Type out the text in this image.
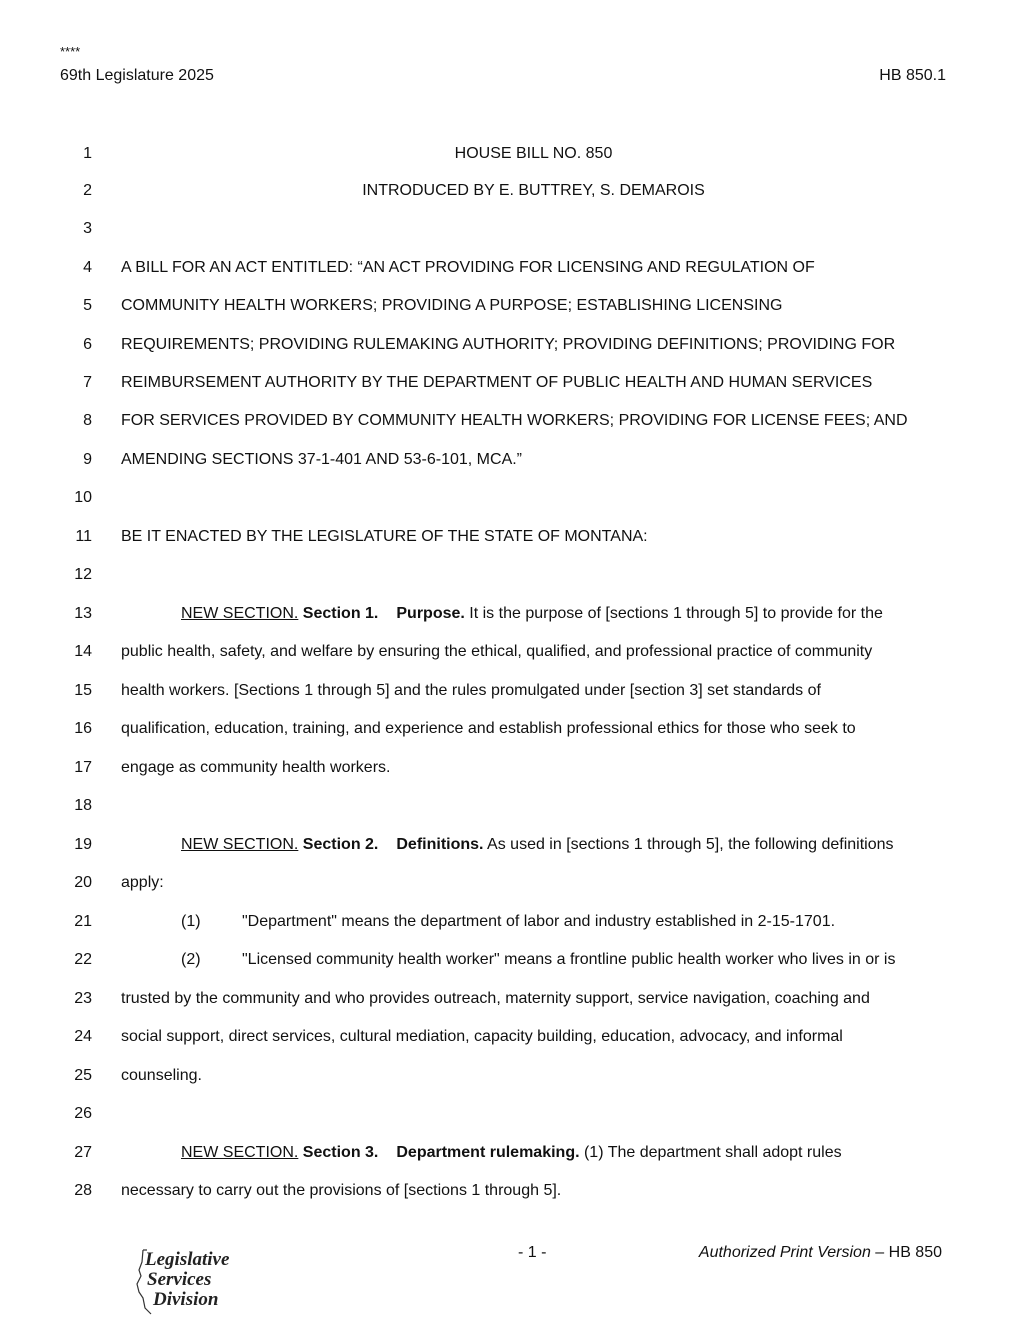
****
69th Legislature 2025	HB 850.1
1	HOUSE BILL NO. 850
2	INTRODUCED BY E. BUTTREY, S. DEMAROIS
3
4 A BILL FOR AN ACT ENTITLED: “AN ACT PROVIDING FOR LICENSING AND REGULATION OF
5 COMMUNITY HEALTH WORKERS; PROVIDING A PURPOSE; ESTABLISHING LICENSING
6 REQUIREMENTS; PROVIDING RULEMAKING AUTHORITY; PROVIDING DEFINITIONS; PROVIDING FOR
7 REIMBURSEMENT AUTHORITY BY THE DEPARTMENT OF PUBLIC HEALTH AND HUMAN SERVICES
8 FOR SERVICES PROVIDED BY COMMUNITY HEALTH WORKERS; PROVIDING FOR LICENSE FEES; AND
9 AMENDING SECTIONS 37-1-401 AND 53-6-101, MCA.”
10
11 BE IT ENACTED BY THE LEGISLATURE OF THE STATE OF MONTANA:
12
13	NEW SECTION. Section 1. Purpose. It is the purpose of [sections 1 through 5] to provide for the
14 public health, safety, and welfare by ensuring the ethical, qualified, and professional practice of community
15 health workers. [Sections 1 through 5] and the rules promulgated under [section 3] set standards of
16 qualification, education, training, and experience and establish professional ethics for those who seek to
17 engage as community health workers.
18
19	NEW SECTION. Section 2. Definitions. As used in [sections 1 through 5], the following definitions
20 apply:
21	(1)	"Department" means the department of labor and industry established in 2-15-1701.
22	(2)	"Licensed community health worker" means a frontline public health worker who lives in or is
23 trusted by the community and who provides outreach, maternity support, service navigation, coaching and
24 social support, direct services, cultural mediation, capacity building, education, advocacy, and informal
25 counseling.
26
27	NEW SECTION. Section 3. Department rulemaking. (1) The department shall adopt rules
28 necessary to carry out the provisions of [sections 1 through 5].
Legislative
Services
Division
- 1 -	Authorized Print Version – HB 850
